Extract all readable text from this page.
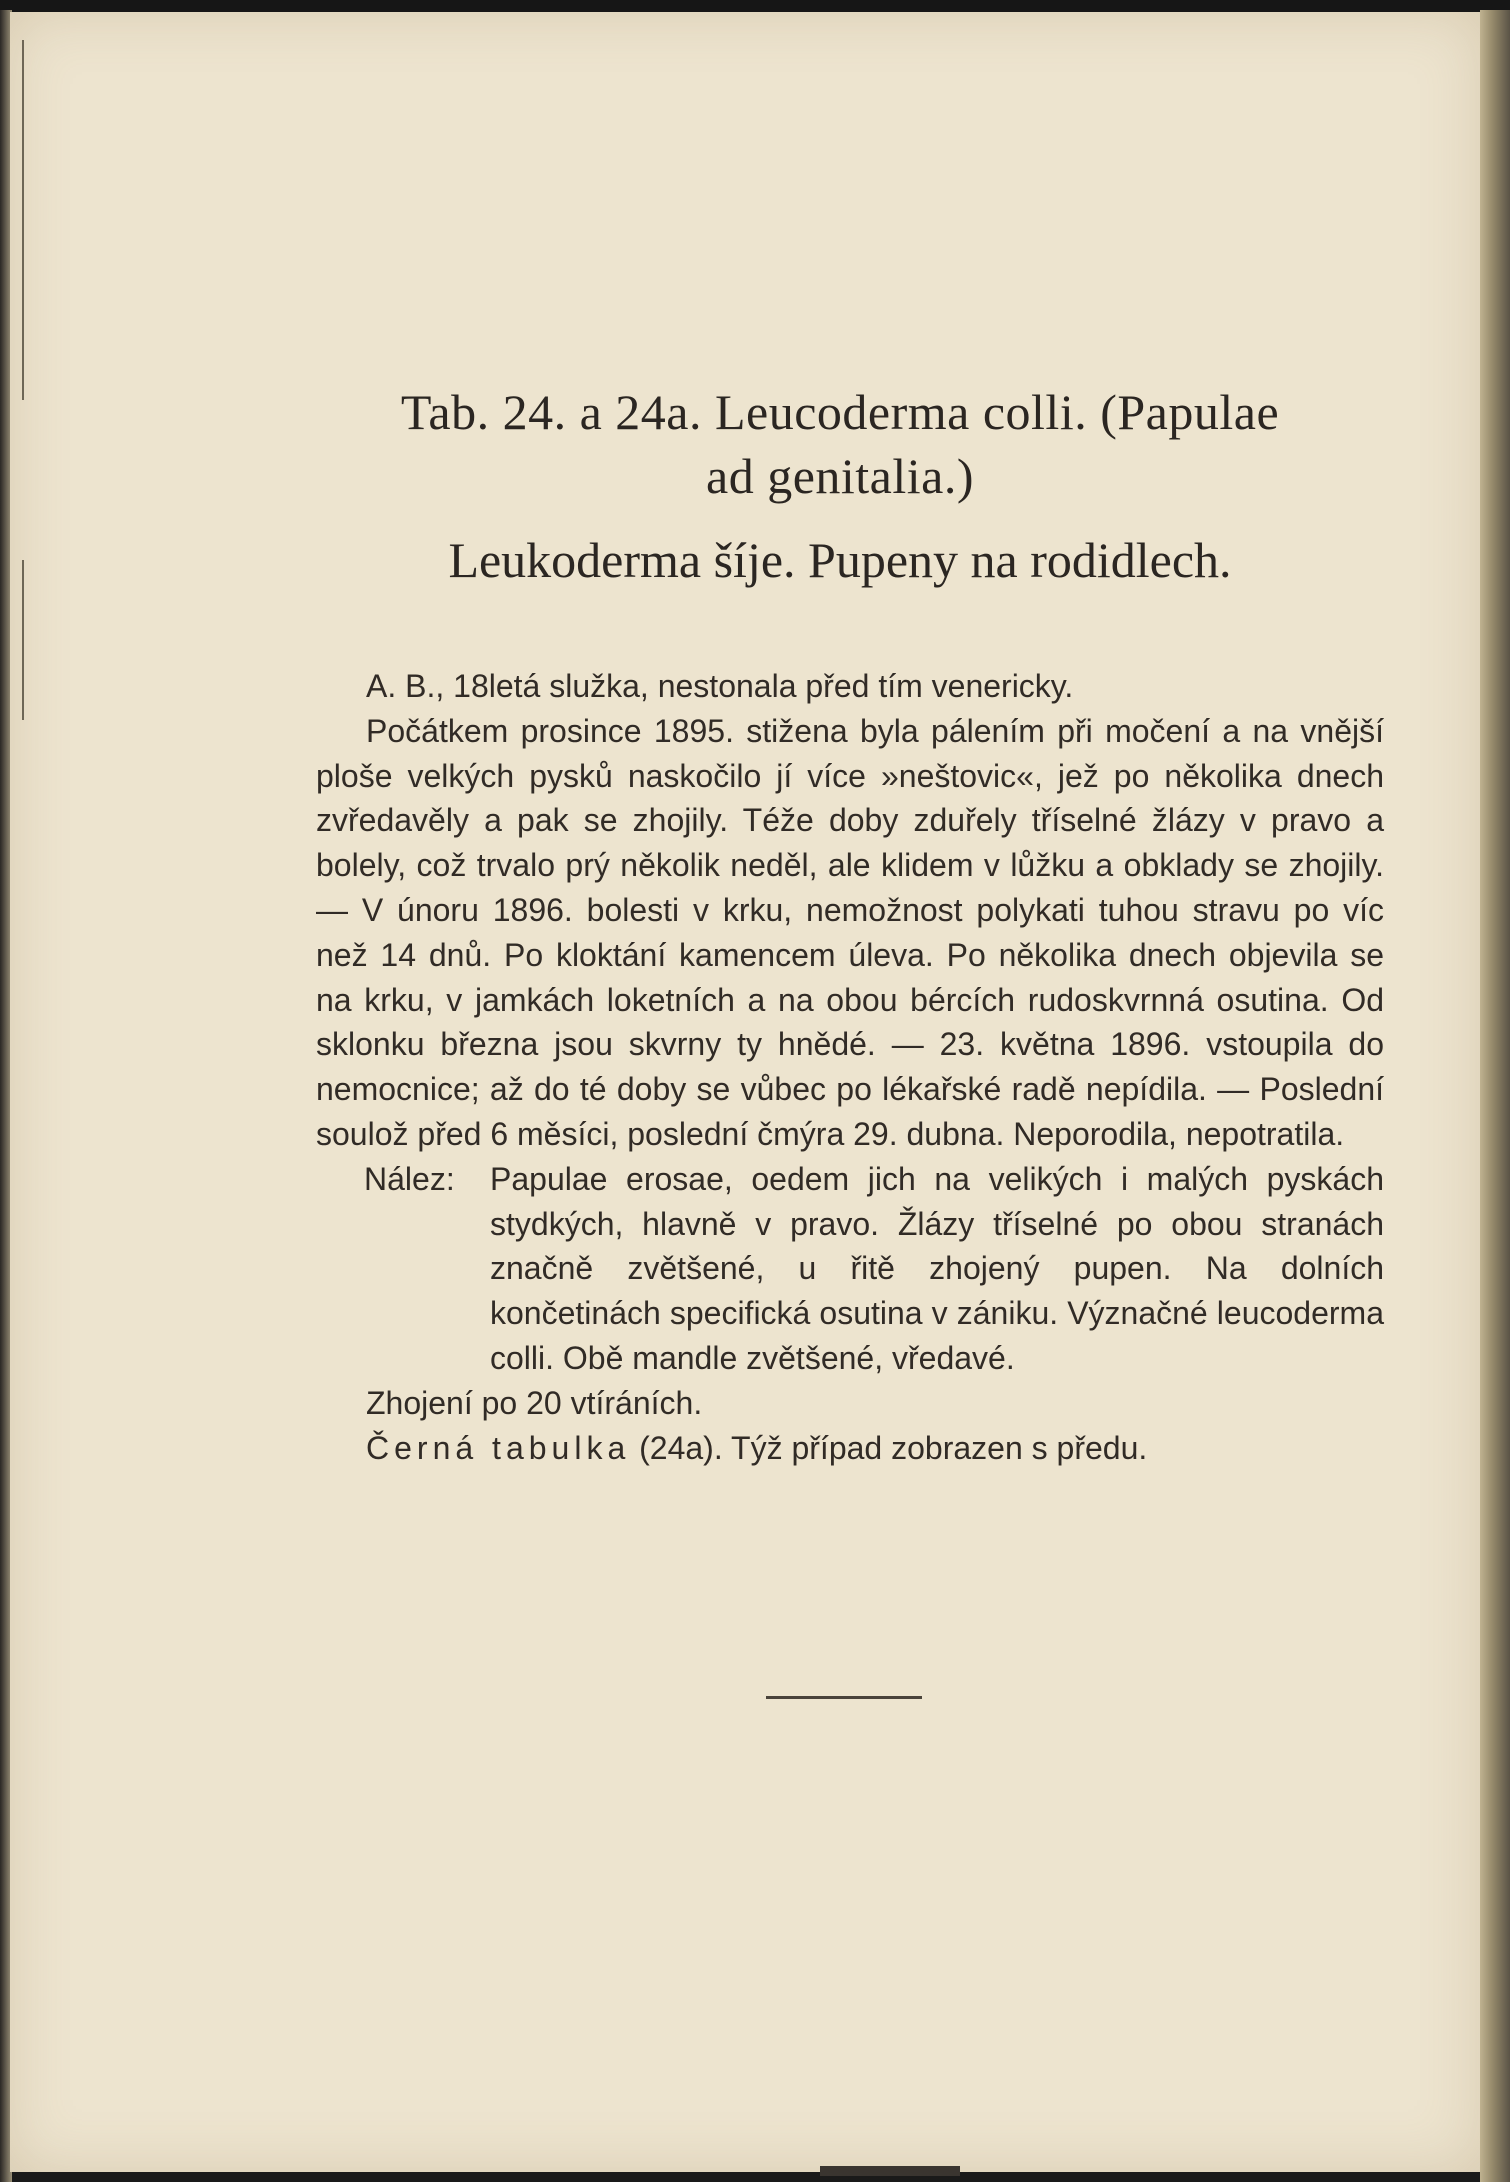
Tab. 24. a 24a. Leucoderma colli. (Papulae
ad genitalia.)
Leukoderma šíje. Pupeny na rodidlech.

A. B., 18letá služka, nestonala před tím venericky.

Počátkem prosince 1895. stižena byla pálením při močení a na vnější ploše velkých pysků naskočilo jí více »neštovic«, jež po několika dnech zvředavěly a pak se zhojily. Téže doby zduřely tříselné žlázy v pravo a bolely, což trvalo prý několik neděl, ale klidem v lůžku a obklady se zhojily. — V únoru 1896. bolesti v krku, nemožnost polykati tuhou stravu po víc než 14 dnů. Po kloktání kamencem úleva. Po několika dnech objevila se na krku, v jamkách loketních a na obou bércích rudoskvrnná osutina. Od sklonku března jsou skvrny ty hnědé. — 23. května 1896. vstoupila do nemocnice; až do té doby se vůbec po lékařské radě nepídila. — Poslední soulož před 6 měsíci, poslední čmýra 29. dubna. Neporodila, nepotratila.

Nález:	Papulae erosae, oedem jich na velikých i malých pyskách stydkých, hlavně v pravo. Žlázy tříselné po obou stranách značně zvětšené, u řitě zhojený pupen. Na dolních končetinách specifická osutina v zániku. Význačné leucoderma colli. Obě mandle zvětšené, vředavé.

Zhojení po 20 vtíráních.

Černá tabulka (24a). Týž případ zobrazen s předu.
